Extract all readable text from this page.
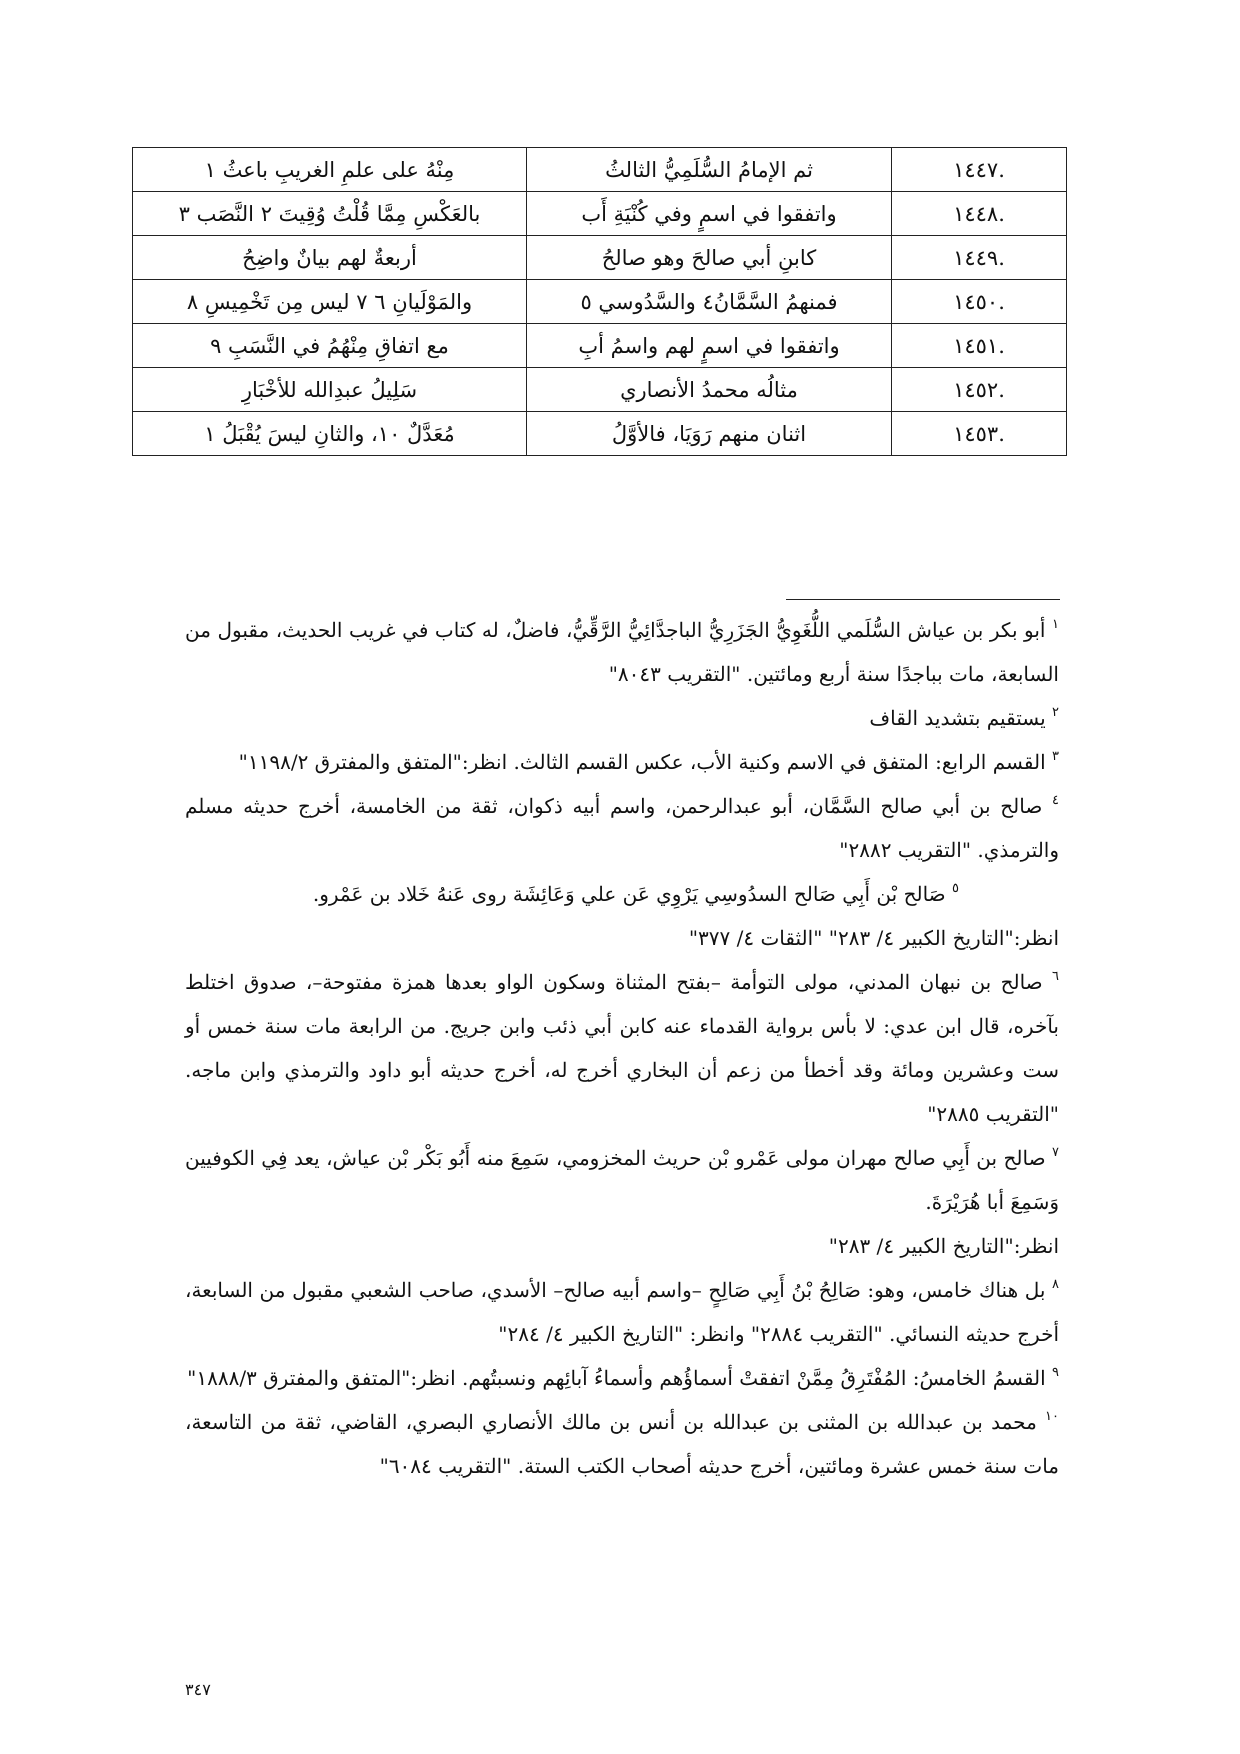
.١٤٤٧	ثم الإمامُ السُّلَمِيُّ الثالثُ	مِنْهُ على علمِ الغريبِ باعثُ ١
.١٤٤٨	واتفقوا في اسمٍ وفي كُنْيَةِ أَب	بالعَكْسِ مِمَّا قُلْتُ وُقِيتَ ٢ النَّصَب ٣
.١٤٤٩	كابنِ أبي صالحَ وهو صالحُ	أربعةٌ لهم بيانٌ واضِحُ
.١٤٥٠	فمنهمُ السَّمَّانُ٤ والسَّدُوسي ٥	والمَوْلَيانِ ٦ ٧ ليس مِن تَخْمِيسِ ٨
.١٤٥١	واتفقوا في اسمٍ لهم واسمُ أبِ	مع اتفاقِ مِنْهُمُ في النَّسَبِ ٩
.١٤٥٢	مثالُه محمدُ الأنصاري	سَلِيلُ عبدِالله للأخْبَارِ
.١٤٥٣	اثنان منهم رَوَيَا، فالأوَّلُ	مُعَدَّلٌ ١٠، والثانِ ليسَ يُقْبَلُ ١

$^١$ أبو بكر بن عياش السُّلَمي اللُّغَوِيُّ الجَزَرِيُّ الباجدَّائِيُّ الرَّقِّيُّ، فاضلٌ، له كتاب في غريب الحديث، مقبول من السابعة، مات بباجدًا سنة أربع ومائتين. "التقريب ٨٠٤٣"

$^٢$ يستقيم بتشديد القاف

$^٣$ القسم الرابع: المتفق في الاسم وكنية الأب، عكس القسم الثالث. انظر:"المتفق والمفترق ١١٩٨/٢"

$^٤$ صالح بن أبي صالح السَّمَّان، أبو عبدالرحمن، واسم أبيه ذكوان، ثقة من الخامسة، أخرج حديثه مسلم والترمذي. "التقريب ٢٨٨٢"

$^٥$ صَالح بْن أَبِي صَالح السدُوسِي يَرْوِي عَن علي وَعَائِشَة روى عَنهُ خَلاد بن عَمْرو.

انظر:"التاريخ الكبير ٤/ ٢٨٣" "الثقات ٤/ ٣٧٧"

$^٦$ صالح بن نبهان المدني، مولى التوأمة –بفتح المثناة وسكون الواو بعدها همزة مفتوحة–، صدوق اختلط بآخره، قال ابن عدي: لا بأس برواية القدماء عنه كابن أبي ذئب وابن جريج. من الرابعة مات سنة خمس أو ست وعشرين ومائة وقد أخطأ من زعم أن البخاري أخرج له، أخرج حديثه أبو داود والترمذي وابن ماجه. "التقريب ٢٨٨٥"

$^٧$ صالح بن أَبِي صالح مهران مولى عَمْرو بْن حريث المخزومي، سَمِعَ منه أَبُو بَكْر بْن عياش، يعد فِي الكوفيين وَسَمِعَ أبا هُرَيْرَةَ.

انظر:"التاريخ الكبير ٤/ ٢٨٣"

$^٨$ بل هناك خامس، وهو: صَالِحُ بْنُ أَبِي صَالِحٍ –واسم أبيه صالح– الأسدي، صاحب الشعبي مقبول من السابعة، أخرج حديثه النسائي. "التقريب ٢٨٨٤" وانظر: "التاريخ الكبير ٤/ ٢٨٤"

$^٩$ القسمُ الخامسُ: المُفْتَرِقُ مِمَّنْ اتفقتْ أسماؤُهم وأسماءُ آبائِهم ونسبتُهم. انظر:"المتفق والمفترق ١٨٨٨/٣"

$^{١٠}$ محمد بن عبدالله بن المثنى بن عبدالله بن أنس بن مالك الأنصاري البصري، القاضي، ثقة من التاسعة، مات سنة خمس عشرة ومائتين، أخرج حديثه أصحاب الكتب الستة. "التقريب ٦٠٨٤"

٣٤٧
